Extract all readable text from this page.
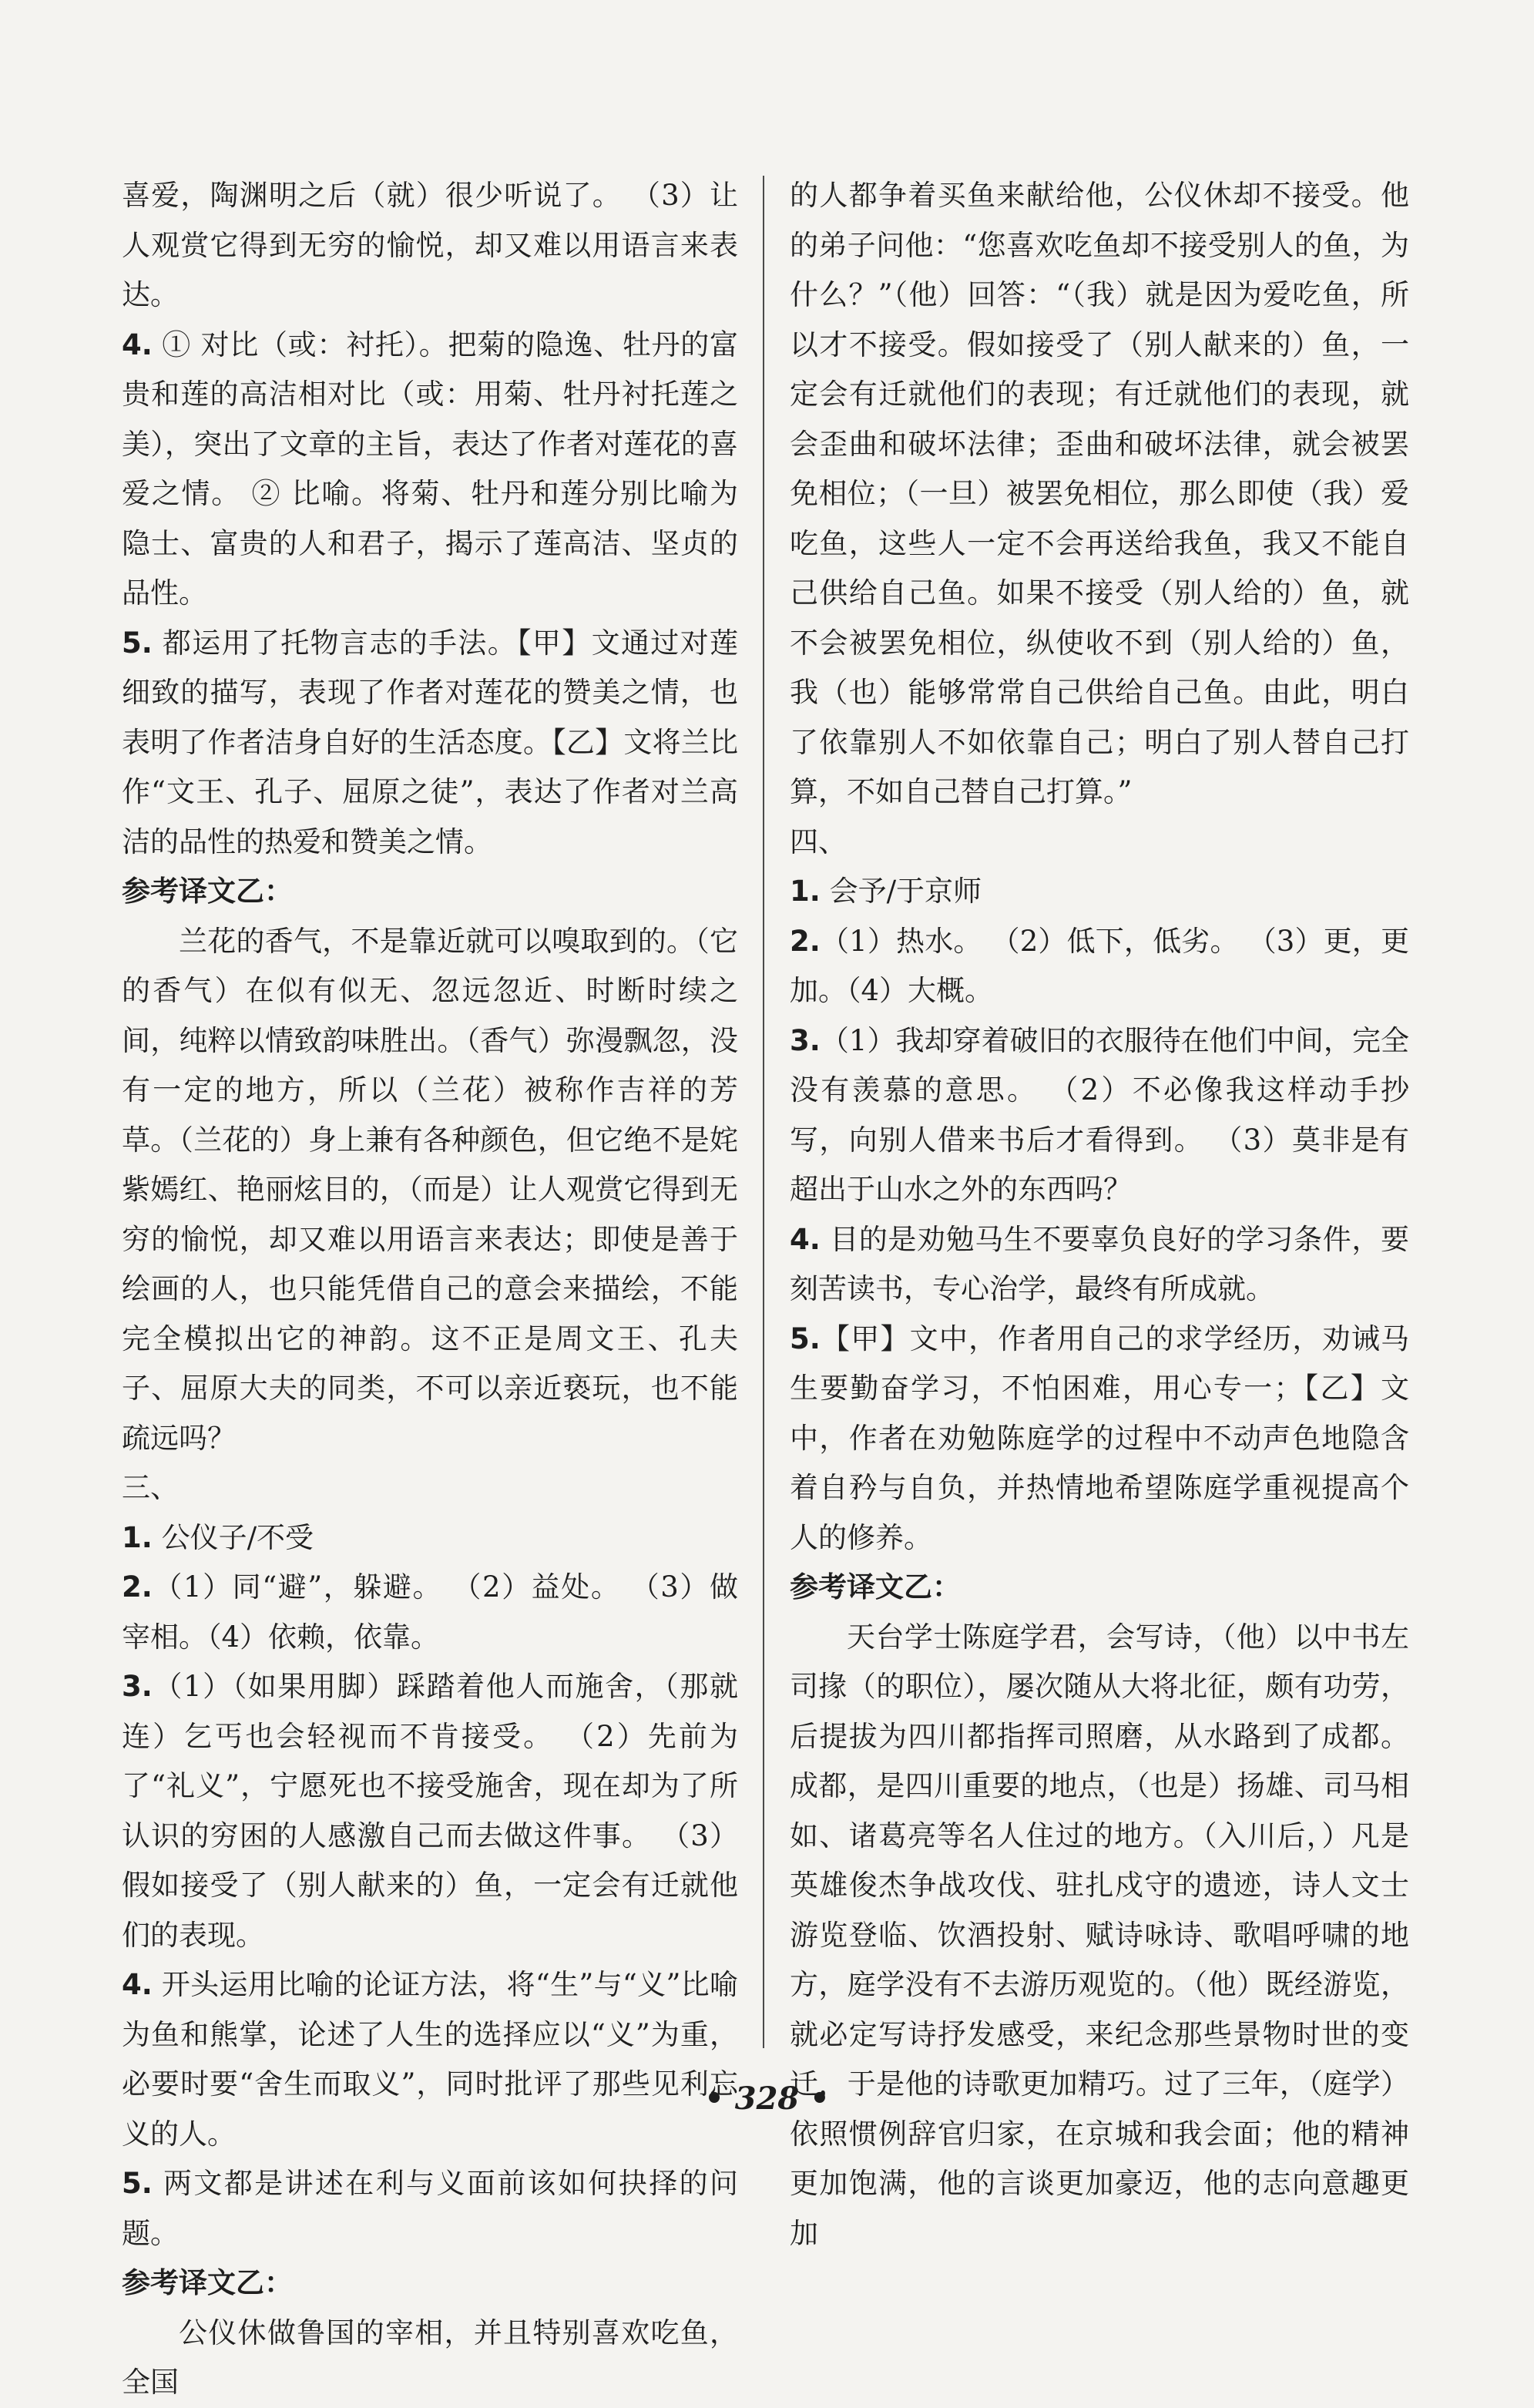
喜爱，陶渊明之后（就）很少听说了。 （3）让人观赏它得到无穷的愉悦，却又难以用语言来表达。

4. ① 对比（或：衬托）。把菊的隐逸、牡丹的富贵和莲的高洁相对比（或：用菊、牡丹衬托莲之美），突出了文章的主旨，表达了作者对莲花的喜爱之情。 ② 比喻。将菊、牡丹和莲分别比喻为隐士、富贵的人和君子，揭示了莲高洁、坚贞的品性。

5. 都运用了托物言志的手法。【甲】文通过对莲细致的描写，表现了作者对莲花的赞美之情，也表明了作者洁身自好的生活态度。【乙】文将兰比作“文王、孔子、屈原之徒”，表达了作者对兰高洁的品性的热爱和赞美之情。

参考译文乙：

兰花的香气，不是靠近就可以嗅取到的。（它的香气）在似有似无、忽远忽近、时断时续之间，纯粹以情致韵味胜出。（香气）弥漫飘忽，没有一定的地方，所以（兰花）被称作吉祥的芳草。（兰花的）身上兼有各种颜色，但它绝不是姹紫嫣红、艳丽炫目的，（而是）让人观赏它得到无穷的愉悦，却又难以用语言来表达；即使是善于绘画的人，也只能凭借自己的意会来描绘，不能完全模拟出它的神韵。这不正是周文王、孔夫子、屈原大夫的同类，不可以亲近亵玩，也不能疏远吗？

三、

1. 公仪子/不受

2.（1）同“避”，躲避。 （2）益处。 （3）做宰相。（4）依赖，依靠。

3.（1）（如果用脚）踩踏着他人而施舍，（那就连）乞丐也会轻视而不肯接受。 （2）先前为了“礼义”，宁愿死也不接受施舍，现在却为了所认识的穷困的人感激自己而去做这件事。 （3）假如接受了（别人献来的）鱼，一定会有迁就他们的表现。

4. 开头运用比喻的论证方法，将“生”与“义”比喻为鱼和熊掌，论述了人生的选择应以“义”为重，必要时要“舍生而取义”，同时批评了那些见利忘义的人。

5. 两文都是讲述在利与义面前该如何抉择的问题。

参考译文乙：

公仪休做鲁国的宰相，并且特别喜欢吃鱼，全国

的人都争着买鱼来献给他，公仪休却不接受。他的弟子问他：“您喜欢吃鱼却不接受别人的鱼，为什么？”（他）回答：“（我）就是因为爱吃鱼，所以才不接受。假如接受了（别人献来的）鱼，一定会有迁就他们的表现；有迁就他们的表现，就会歪曲和破坏法律；歪曲和破坏法律，就会被罢免相位；（一旦）被罢免相位，那么即使（我）爱吃鱼，这些人一定不会再送给我鱼，我又不能自己供给自己鱼。如果不接受（别人给的）鱼，就不会被罢免相位，纵使收不到（别人给的）鱼，我（也）能够常常自己供给自己鱼。由此，明白了依靠别人不如依靠自己；明白了别人替自己打算，不如自己替自己打算。”

四、

1. 会予/于京师

2.（1）热水。 （2）低下，低劣。 （3）更，更加。（4）大概。

3.（1）我却穿着破旧的衣服待在他们中间，完全没有羡慕的意思。 （2）不必像我这样动手抄写，向别人借来书后才看得到。 （3）莫非是有超出于山水之外的东西吗？

4. 目的是劝勉马生不要辜负良好的学习条件，要刻苦读书，专心治学，最终有所成就。

5.【甲】文中，作者用自己的求学经历，劝诫马生要勤奋学习，不怕困难，用心专一；【乙】文中，作者在劝勉陈庭学的过程中不动声色地隐含着自矜与自负，并热情地希望陈庭学重视提高个人的修养。

参考译文乙：

天台学士陈庭学君，会写诗，（他）以中书左司掾（的职位），屡次随从大将北征，颇有功劳，后提拔为四川都指挥司照磨，从水路到了成都。成都，是四川重要的地点，（也是）扬雄、司马相如、诸葛亮等名人住过的地方。（入川后，）凡是英雄俊杰争战攻伐、驻扎戍守的遗迹，诗人文士游览登临、饮酒投射、赋诗咏诗、歌唱呼啸的地方，庭学没有不去游历观览的。（他）既经游览，就必定写诗抒发感受，来纪念那些景物时世的变迁，于是他的诗歌更加精巧。过了三年，（庭学）依照惯例辞官归家，在京城和我会面；他的精神更加饱满，他的言谈更加豪迈，他的志向意趣更加

• 328 •
